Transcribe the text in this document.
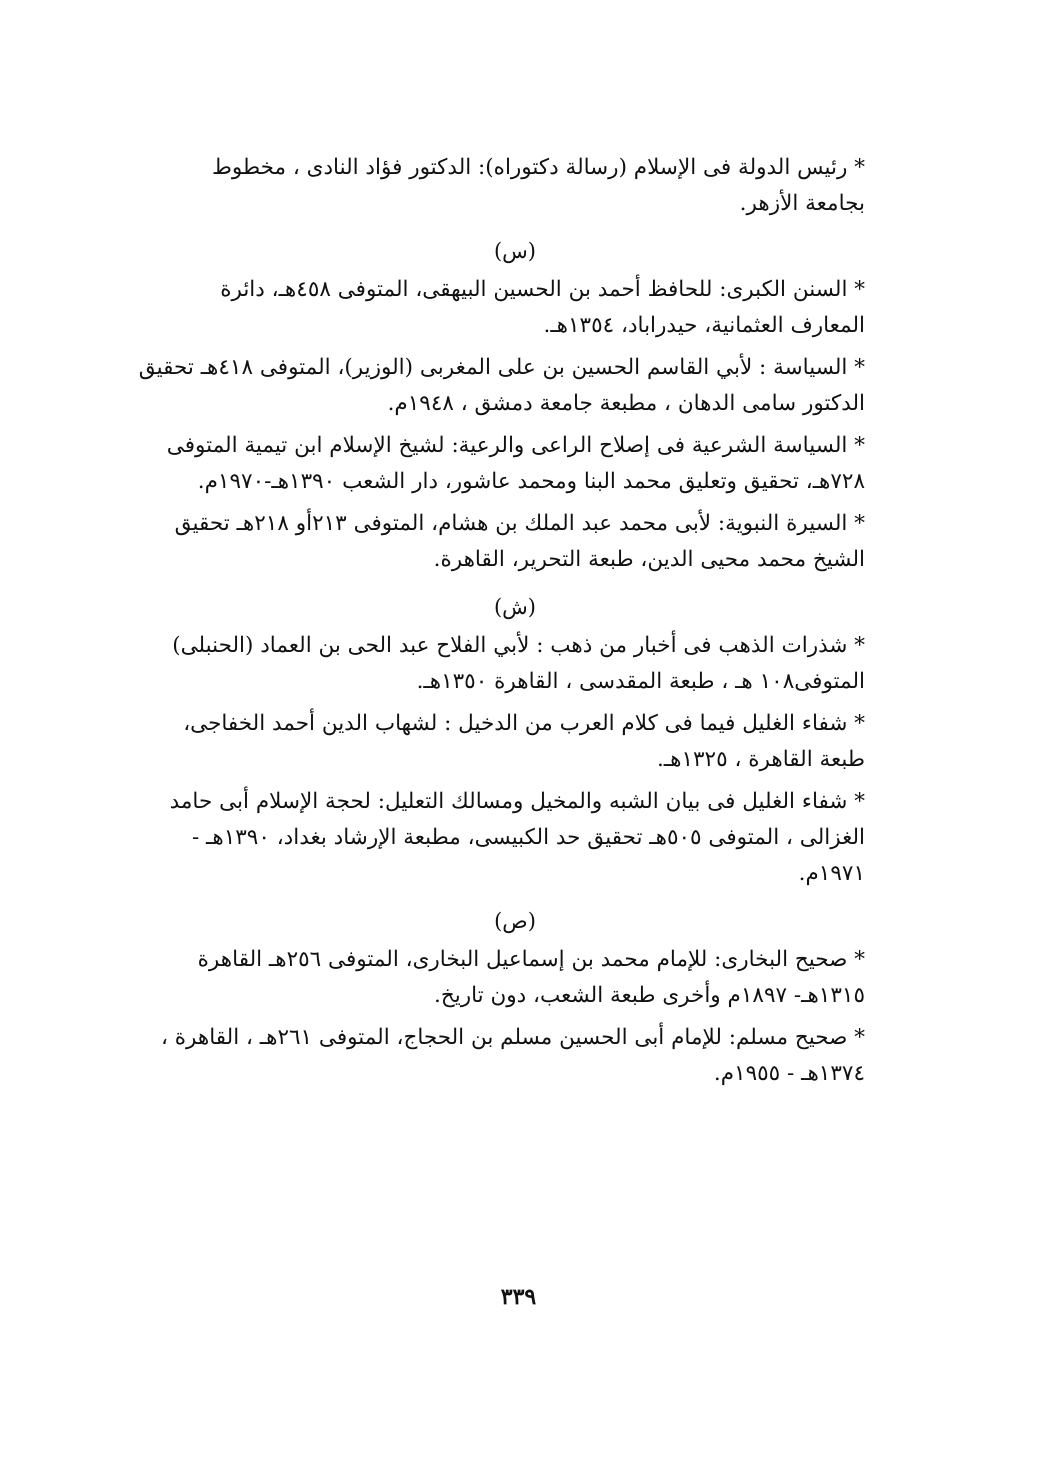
* رئيس الدولة فى الإسلام (رسالة دكتوراه): الدكتور فؤاد النادى ، مخطوط
بجامعة الأزهر.
(س)
* السنن الكبرى: للحافظ أحمد بن الحسين البيهقى، المتوفى ٤٥٨هـ، دائرة
المعارف العثمانية، حيدراباد، ١٣٥٤هـ.
* السياسة : لأبي القاسم الحسين بن على المغربى (الوزير)، المتوفى ٤١٨هـ تحقيق
الدكتور سامى الدهان ، مطبعة جامعة دمشق ، ١٩٤٨م.
* السياسة الشرعية فى إصلاح الراعى والرعية: لشيخ الإسلام ابن تيمية المتوفى
٧٢٨هـ، تحقيق وتعليق محمد البنا ومحمد عاشور، دار الشعب ١٣٩٠هـ-١٩٧٠م.
* السيرة النبوية: لأبى محمد عبد الملك بن هشام، المتوفى ٢١٣أو ٢١٨هـ تحقيق
الشيخ محمد محيى الدين، طبعة التحرير، القاهرة.
(ش)
* شذرات الذهب فى أخبار من ذهب : لأبي الفلاح عبد الحى بن العماد (الحنبلى)
المتوفى١٠٨ هـ ، طبعة المقدسى ، القاهرة ١٣٥٠هـ.
* شفاء الغليل فيما فى كلام العرب من الدخيل : لشهاب الدين أحمد الخفاجى،
طبعة القاهرة ، ١٣٢٥هـ.
* شفاء الغليل فى بيان الشبه والمخيل ومسالك التعليل: لحجة الإسلام أبى حامد
الغزالى ، المتوفى ٥٠٥هـ تحقيق حد الكبيسى، مطبعة الإرشاد بغداد، ١٣٩٠هـ -
١٩٧١م.
(ص)
* صحيح البخارى: للإمام محمد بن إسماعيل البخارى، المتوفى ٢٥٦هـ القاهرة
١٣١٥هـ- ١٨٩٧م وأخرى طبعة الشعب، دون تاريخ.
* صحيح مسلم: للإمام أبى الحسين مسلم بن الحجاج، المتوفى ٢٦١هـ ، القاهرة ،
١٣٧٤هـ - ١٩٥٥م.
٣٣٩
